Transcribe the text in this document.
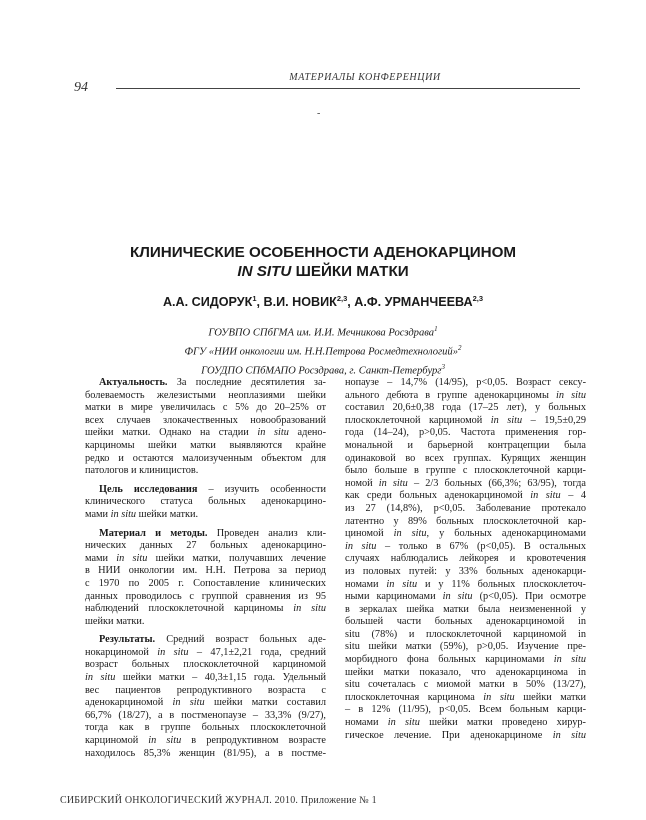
МАТЕРИАЛЫ КОНФЕРЕНЦИИ
94
-
КЛИНИЧЕСКИЕ ОСОБЕННОСТИ АДЕНОКАРЦИНОМ
IN SITU ШЕЙКИ МАТКИ
А.А. СИДОРУК$^1$, В.И. НОВИК$^{2,3}$, А.Ф. УРМАНЧЕЕВА$^{2,3}$
ГОУВПО СПбГМА им. И.И. Мечникова Росздрава$^1$
ФГУ «НИИ онкологии им. Н.Н.Петрова Росмедтехнологий»$^2$
ГОУДПО СПбМАПО Росздрава, г. Санкт-Петербург$^3$
Актуальность. За последние десятилетия за-
болеваемость железистыми неоплазиями шейки
матки в мире увеличилась с 5% до 20–25% от
всех случаев злокачественных новообразований
шейки матки. Однако на стадии in situ адено-
карциномы шейки матки выявляются крайне
редко и остаются малоизученным объектом для
патологов и клиницистов.
Цель исследования – изучить особенности
клинического статуса больных аденокарцино-
мами in situ шейки матки.
Материал и методы. Проведен анализ кли-
нических данных 27 больных аденокарцино-
мами in situ шейки матки, получавших лечение
в НИИ онкологии им. Н.Н. Петрова за период
с 1970 по 2005 г. Сопоставление клинических
данных проводилось с группой сравнения из 95
наблюдений плоскоклеточной карциномы in situ
шейки матки.
Результаты. Средний возраст больных аде-
нокарциномой in situ – 47,1±2,21 года, средний
возраст больных плоскоклеточной карциномой
in situ шейки матки – 40,3±1,15 года. Удельный
вес пациентов репродуктивного возраста с
аденокарциномой in situ шейки матки составил
66,7% (18/27), а в постменопаузе – 33,3% (9/27),
тогда как в группе больных плоскоклеточной
карциномой in situ в репродуктивном возрасте
находилось 85,3% женщин (81/95), а в постме-
нопаузе – 14,7% (14/95), p<0,05. Возраст сексу-
ального дебюта в группе аденокарциномы in situ
составил 20,6±0,38 года (17–25 лет), у больных
плоскоклеточной карциномой in situ – 19,5±0,29
года (14–24), p>0,05. Частота применения гор-
мональной и барьерной контрацепции была
одинаковой во всех группах. Курящих женщин
было больше в группе с плоскоклеточной карци-
номой in situ – 2/3 больных (66,3%; 63/95), тогда
как среди больных аденокарциномой in situ – 4
из 27 (14,8%), p<0,05. Заболевание протекало
латентно у 89% больных плоскоклеточной кар-
циномой in situ, у больных аденокарциномами
in situ – только в 67% (p<0,05). В остальных
случаях наблюдались лейкорея и кровотечения
из половых путей: у 33% больных аденокарци-
номами in situ и у 11% больных плоскоклеточ-
ными карциномами in situ (p<0,05). При осмотре
в зеркалах шейка матки была неизмененной у
большей части больных аденокарциномой in
situ (78%) и плоскоклеточной карциномой in
situ шейки матки (59%), p>0,05. Изучение пре-
морбидного фона больных карциномами in situ
шейки матки показало, что аденокарцинома in
situ сочеталась с миомой матки в 50% (13/27),
плоскоклеточная карцинома in situ шейки матки
– в 12% (11/95), p<0,05. Всем больным карци-
номами in situ шейки матки проведено хирур-
гическое лечение. При аденокарциноме in situ
СИБИРСКИЙ ОНКОЛОГИЧЕСКИЙ ЖУРНАЛ. 2010. Приложение № 1
